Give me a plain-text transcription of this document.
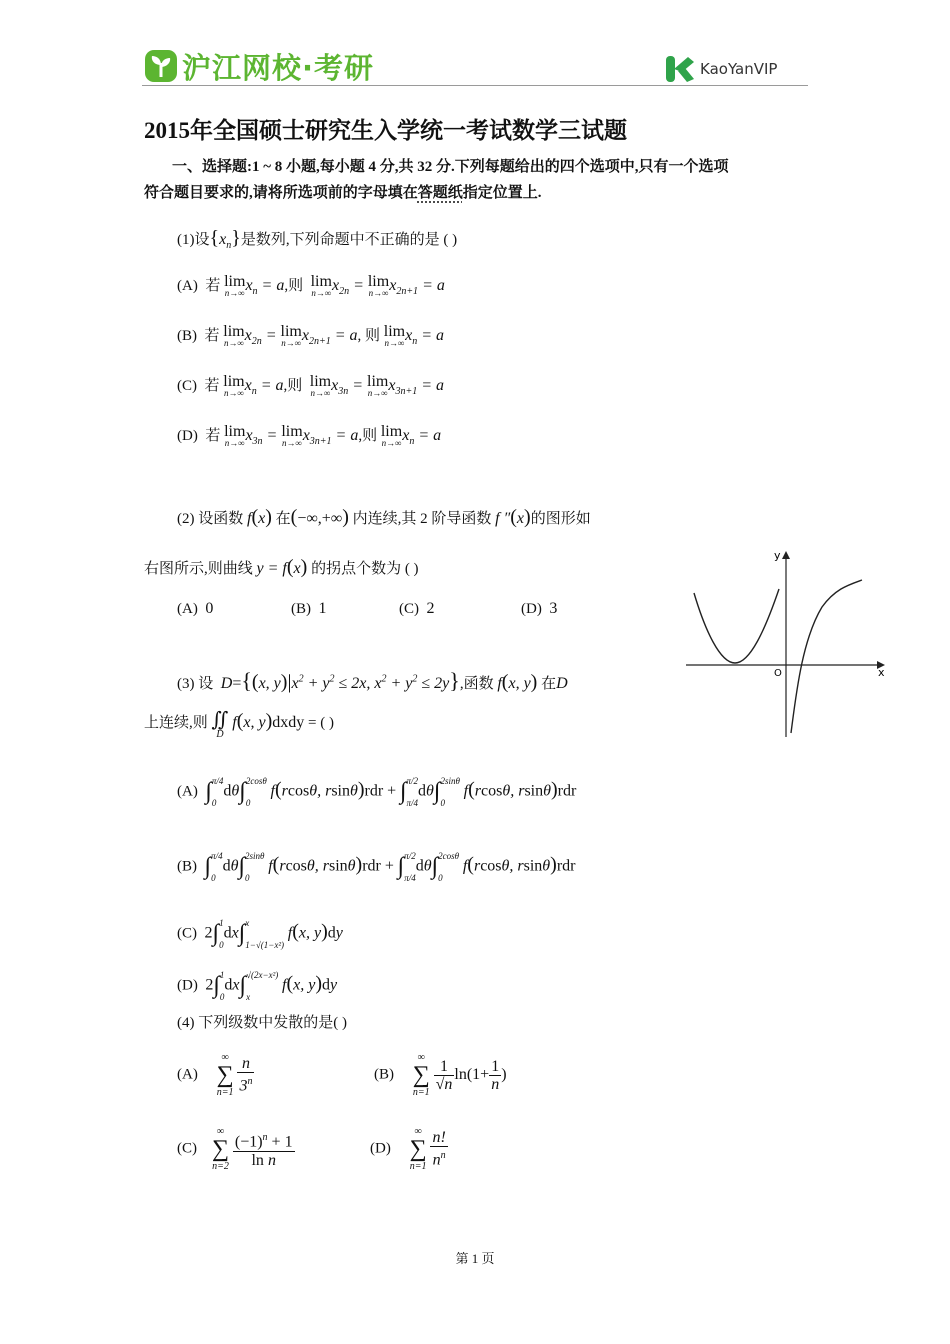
沪江网校·考研	KaoYanVIP
2015年全国硕士研究生入学统一考试数学三试题
一、选择题:1 ~ 8 小题,每小题 4 分,共 32 分.下列每题给出的四个选项中,只有一个选项
符合题目要求的,请将所选项前的字母填在答题纸指定位置上.
(1)设$\{x_n\}$是数列,下列命题中不正确的是 ( )
(A) 若 lim
n→∞ $x_n = a$,则 lim
n→∞ $x_{2n} = \lim$
n→∞ $x_{2n+1} = a$
(B) 若 lim
n→∞ $x_{2n} = \lim$
n→∞ $x_{2n+1} = a$, 则 lim
n→∞ $x_n = a$
(C) 若 lim
n→∞ $x_n = a$,则 lim
n→∞ $x_{3n} = \lim$
n→∞ $x_{3n+1} = a$
(D) 若 lim
n→∞ $x_{3n} = \lim$
n→∞ $x_{3n+1} = a$,则 lim
n→∞ $x_n = a$
(2) 设函数 f(x) 在(−∞,+∞) 内连续,其 2 阶导函数 f ″(x)的图形如
右图所示,则曲线 y = f(x) 的拐点个数为 ( )
(A) 0	(B) 1	(C) 2	(D) 3
y
x
O
(3) 设 D={(x, $y)|x^2 + y^2 \le 2x$, $x^2 + y^2 \le 2y$},函数 f(x, y) 在D
上连续,则 ∬
D
f(x, y)dxdy = ( )
(A) ∫ π/4
0
dθ∫ 2cosθ
0
f(rcosθ, rsinθ)rdr + ∫ π/2
π/4
dθ∫ 2sinθ
0
f(rcosθ, rsinθ)rdr
(B) ∫ π/4
0
dθ∫ 2sinθ
0
f(rcosθ, rsinθ)rdr + ∫ π/2
π/4
dθ∫ 2cosθ
0
f(rcosθ, rsinθ)rdr
(C) 2∫ 1
0
dx∫ x
1−√(1−x²)
f(x, y)dy
(D) 2∫ 1
0
dx∫ √(2x−x²)
x
f(x, y)dy
(4) 下列级数中发散的是( )
(A)
∞
∑
n=1
$\frac{n}{3^n}$	(B)
∞
∑
n=1
$\frac{1}{√n} \ln(1+ \frac{1}{n}$ )
(C)
∞
∑
n=2
$\frac{(-1)^n + 1}{\text{ln n}}$	(D)
∞
∑
n=1
$\frac{n!}{n^n}$
第 1 页
